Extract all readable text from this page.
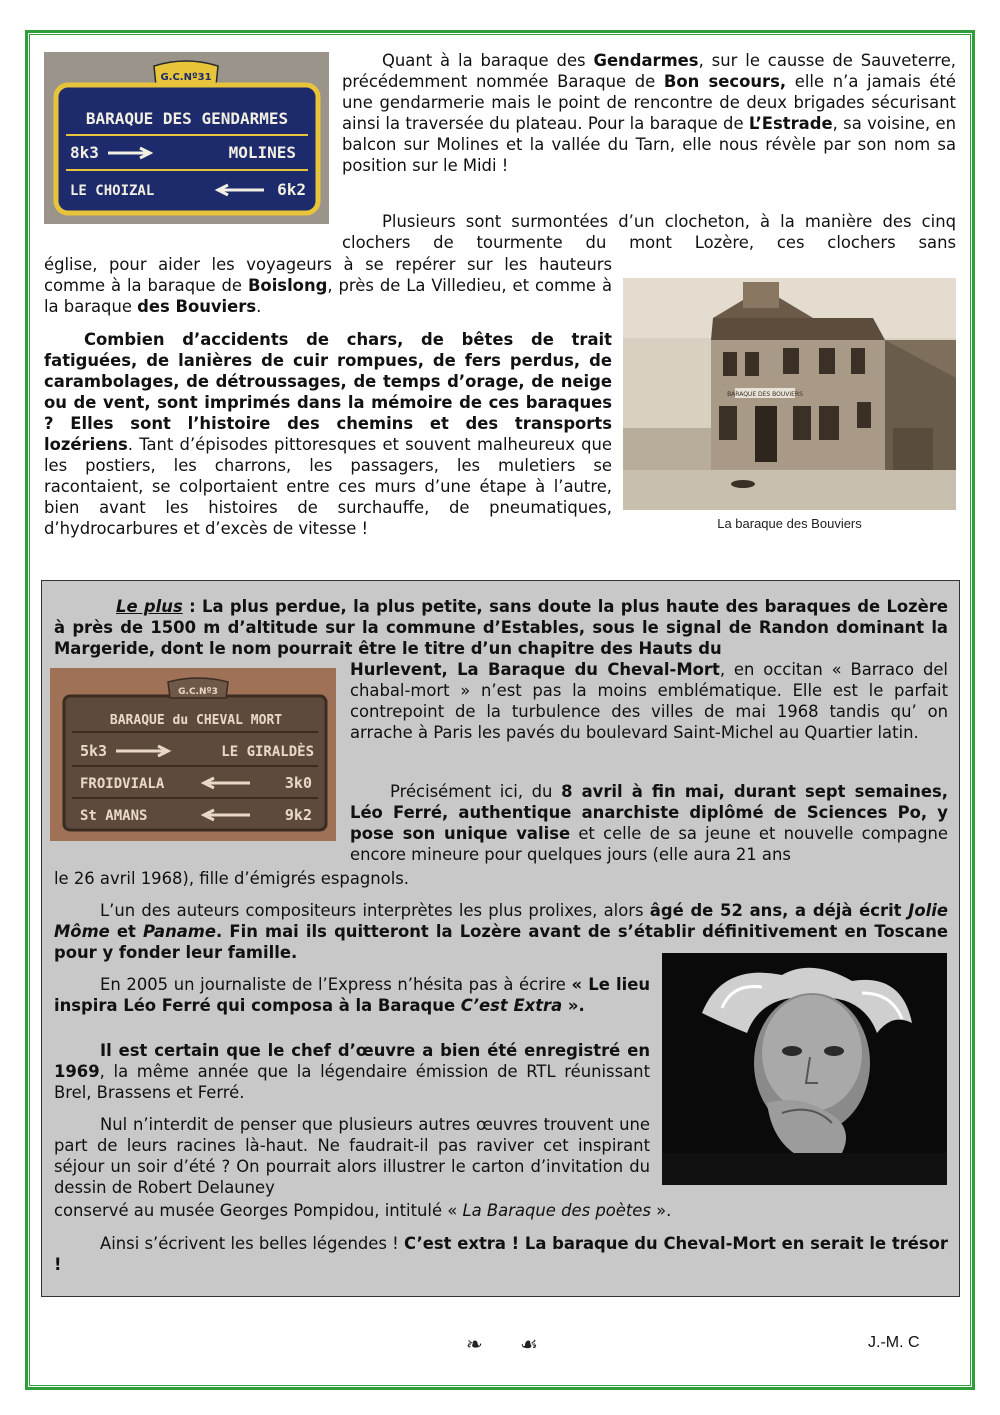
G.C.Nº31
BARAQUE DES GENDARMES
8k3	MOLINES
LE CHOIZAL	6k2

Quant à la baraque des Gendarmes, sur le causse de Sauveterre, précédemment nommée Baraque de Bon secours, elle n’a jamais été une gendarmerie mais le point de rencontre de deux brigades sécurisant ainsi la traversée du plateau. Pour la baraque de L’Estrade, sa voisine, en balcon sur Molines et la vallée du Tarn, elle nous révèle par son nom sa position sur le Midi !

Plusieurs sont surmontées d’un clocheton, à la manière des cinq clochers de tourmente du mont Lozère, ces clochers sans

église, pour aider les voyageurs à se repérer sur les hauteurs comme à la baraque de Boislong, près de La Villedieu, et comme à la baraque des Bouviers.

Combien d’accidents de chars, de bêtes de trait fatiguées, de lanières de cuir rompues, de fers perdus, de carambolages, de détroussages, de temps d’orage, de neige ou de vent, sont imprimés dans la mémoire de ces baraques ? Elles sont l’histoire des chemins et des transports lozériens. Tant d’épisodes pittoresques et souvent malheureux que les postiers, les charrons, les passagers, les muletiers se racontaient, se colportaient entre ces murs d’une étape à l’autre, bien avant les histoires de surchauffe, de pneumatiques, d’hydrocarbures et d’excès de vitesse !

BARAQUE DES BOUVIERS
La baraque des Bouviers

Le plus : La plus perdue, la plus petite, sans doute la plus haute des baraques de Lozère à près de 1500 m d’altitude sur la commune d’Estables, sous le signal de Randon dominant la Margeride, dont le nom pourrait être le titre d’un chapitre des Hauts du

Hurlevent, La Baraque du Cheval-Mort, en occitan « Barraco del chabal-mort » n’est pas la moins emblématique. Elle est le parfait contrepoint de la turbulence des villes de mai 1968 tandis qu’ on arrache à Paris les pavés du boulevard Saint-Michel au Quartier latin.

G.C.Nº3
BARAQUE du CHEVAL MORT
5k3	LE GIRALDÈS
FROIDVIALA	3k0
St AMANS	9k2

Précisément ici, du 8 avril à fin mai, durant sept semaines, Léo Ferré, authentique anarchiste diplômé de Sciences Po, y pose son unique valise et celle de sa jeune et nouvelle compagne encore mineure pour quelques jours (elle aura 21 ans

le 26 avril 1968), fille d’émigrés espagnols.

L’un des auteurs compositeurs interprètes les plus prolixes, alors âgé de 52 ans, a déjà écrit Jolie Môme et Paname. Fin mai ils quitteront la Lozère avant de s’établir définitivement en Toscane pour y fonder leur famille.

En 2005 un journaliste de l’Express n’hésita pas à écrire « Le lieu inspira Léo Ferré qui composa à la Baraque C’est Extra ».

Il est certain que le chef d’œuvre a bien été enregistré en 1969, la même année que la légendaire émission de RTL réunissant Brel, Brassens et Ferré.

Nul n’interdit de penser que plusieurs autres œuvres trouvent une part de leurs racines là-haut. Ne faudrait-il pas raviver cet inspirant séjour un soir d’été ? On pourrait alors illustrer le carton d’invitation du dessin de Robert Delauney

conservé au musée Georges Pompidou, intitulé « La Baraque des poètes ».

Ainsi s’écrivent les belles légendes ! C’est extra ! La baraque du Cheval-Mort en serait le trésor !

❧ ☙	J.-M. C
